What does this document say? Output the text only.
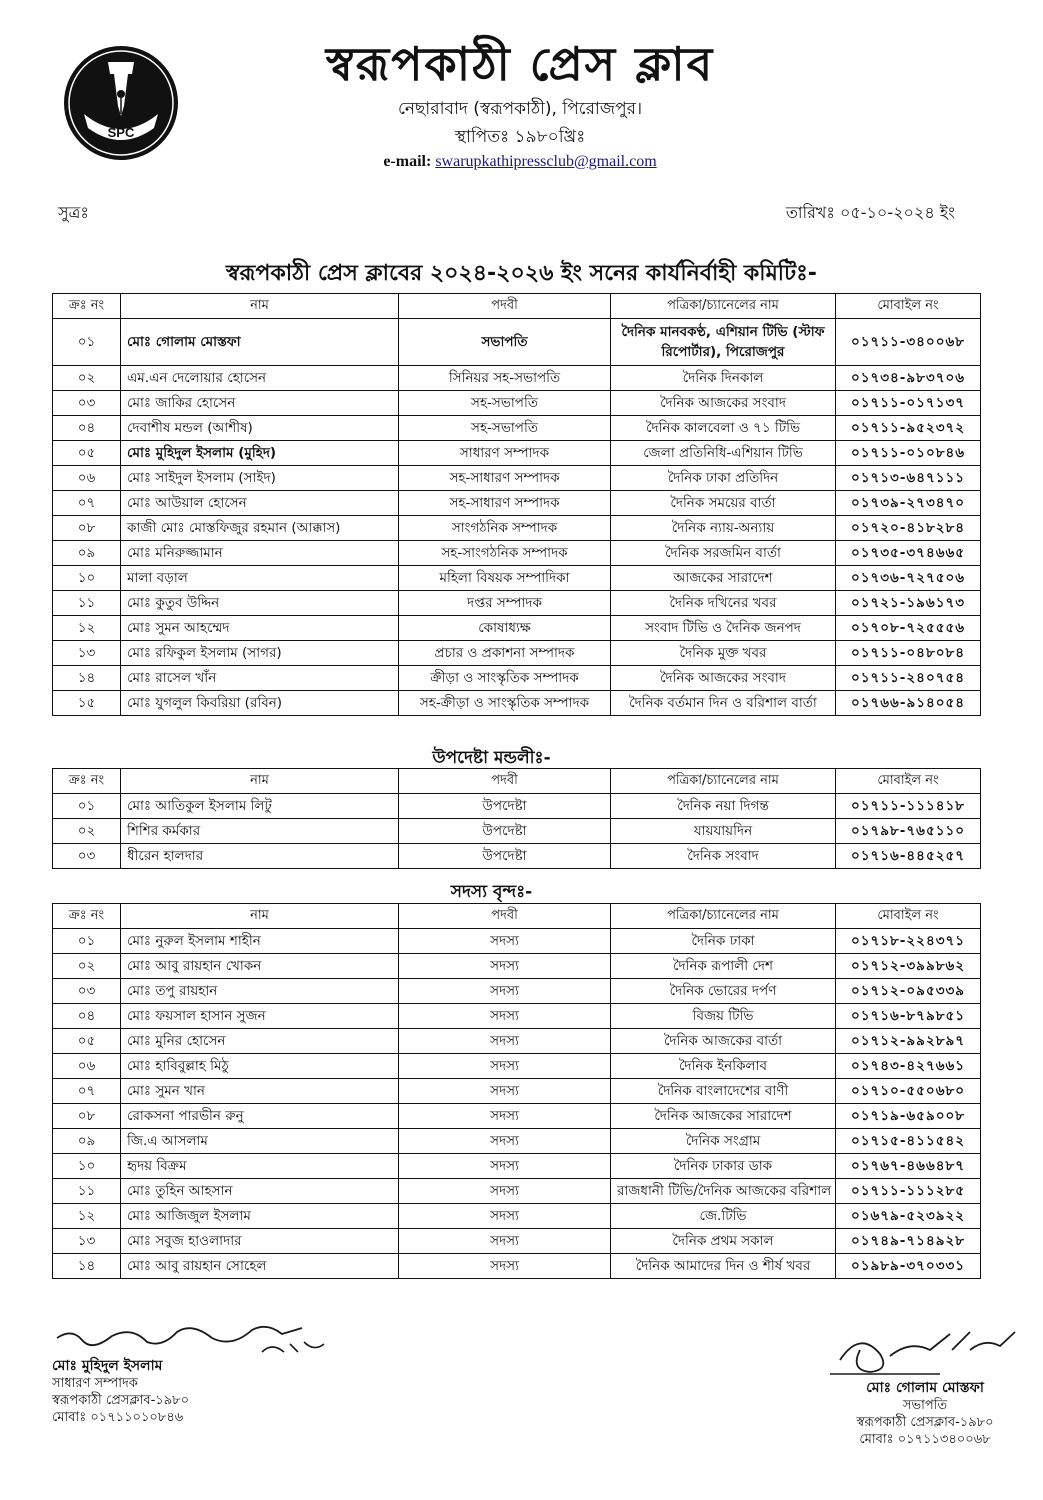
SPC
স্বরূপকাঠী প্রেস ক্লাব
নেছারাবাদ (স্বরূপকাঠী), পিরোজপুর।
স্থাপিতঃ ১৯৮০খ্রিঃ
e-mail: swarupkathipressclub@gmail.com
সুত্রঃ	তারিখঃ ০৫-১০-২০২৪ ইং
স্বরূপকাঠী প্রেস ক্লাবের ২০২৪-২০২৬ ইং সনের কার্যনির্বাহী কমিটিঃ-
ক্রঃ নং	নাম	পদবী	পত্রিকা/চ্যানেলের নাম	মোবাইল নং
০১	মোঃ গোলাম মোস্তফা	সভাপতি	দৈনিক মানবকণ্ঠ, এশিয়ান টিভি (স্টাফ রিপোর্টার), পিরোজপুর	০১৭১১-৩৪০০৬৮
০২	এম.এন দেলোয়ার হোসেন	সিনিয়র সহ-সভাপতি	দৈনিক দিনকাল	০১৭৩৪-৯৮৩৭০৬
০৩	মোঃ জাকির হোসেন	সহ-সভাপতি	দৈনিক আজকের সংবাদ	০১৭১১-০১৭১৩৭
০৪	দেবাশীষ মন্ডল (আশীষ)	সহ-সভাপতি	দৈনিক কালবেলা ও ৭১ টিভি	০১৭১১-৯৫২৩৭২
০৫	মোঃ মুহিদুল ইসলাম (মুহিদ)	সাধারণ সম্পাদক	জেলা প্রতিনিধি-এশিয়ান টিভি	০১৭১১-০১০৮৪৬
০৬	মোঃ সাইদুল ইসলাম (সাইদ)	সহ-সাধারণ সম্পাদক	দৈনিক ঢাকা প্রতিদিন	০১৭১৩-৬৪৭১১১
০৭	মোঃ আউয়াল হোসেন	সহ-সাধারণ সম্পাদক	দৈনিক সময়ের বার্তা	০১৭৩৯-২৭৩৪৭০
০৮	কাজী মোঃ মোস্তফিজুর রহমান (আক্কাস)	সাংগঠনিক সম্পাদক	দৈনিক ন্যায়-অন্যায়	০১৭২০-৪১৮২৮৪
০৯	মোঃ মনিরুজ্জামান	সহ-সাংগঠনিক সম্পাদক	দৈনিক সরজমিন বার্তা	০১৭৩৫-৩৭৪৬৬৫
১০	মালা বড়াল	মহিলা বিষয়ক সম্পাদিকা	আজকের সারাদেশ	০১৭৩৬-৭২৭৫০৬
১১	মোঃ কুতুব উদ্দিন	দপ্তর সম্পাদক	দৈনিক দখিনের খবর	০১৭২১-১৯৬১৭৩
১২	মোঃ সুমন আহম্মেদ	কোষাধ্যক্ষ	সংবাদ টিভি ও দৈনিক জনপদ	০১৭০৮-৭২৫৫৫৬
১৩	মোঃ রফিকুল ইসলাম (সাগর)	প্রচার ও প্রকাশনা সম্পাদক	দৈনিক মুক্ত খবর	০১৭১১-০৪৮০৮৪
১৪	মোঃ রাসেল খাঁন	ক্রীড়া ও সাংস্কৃতিক সম্পাদক	দৈনিক আজকের সংবাদ	০১৭১১-২৪০৭৫৪
১৫	মোঃ যুগলুল কিবরিয়া (রবিন)	সহ-ক্রীড়া ও সাংস্কৃতিক সম্পাদক	দৈনিক বর্তমান দিন ও বরিশাল বার্তা	০১৭৬৬-৯১৪০৫৪
উপদেষ্টা মন্ডলীঃ-
ক্রঃ নং	নাম	পদবী	পত্রিকা/চ্যানেলের নাম	মোবাইল নং
০১	মোঃ আতিকুল ইসলাম লিটু	উপদেষ্টা	দৈনিক নয়া দিগন্ত	০১৭১১-১১১৪১৮
০২	শিশির কর্মকার	উপদেষ্টা	যায়যায়দিন	০১৭৯৮-৭৬৫১১০
০৩	ধীরেন হালদার	উপদেষ্টা	দৈনিক সংবাদ	০১৭১৬-৪৪৫২৫৭
সদস্য বৃন্দঃ-
ক্রঃ নং	নাম	পদবী	পত্রিকা/চ্যানেলের নাম	মোবাইল নং
০১	মোঃ নুরুল ইসলাম শাহীন	সদস্য	দৈনিক ঢাকা	০১৭১৮-২২৪৩৭১
০২	মোঃ আবু রায়হান খোকন	সদস্য	দৈনিক রূপালী দেশ	০১৭১২-৩৯৯৮৬২
০৩	মোঃ তপু রায়হান	সদস্য	দৈনিক ভোরের দর্পণ	০১৭১২-০৯৫৩৩৯
০৪	মোঃ ফয়সাল হাসান সুজন	সদস্য	বিজয় টিভি	০১৭১৬-৮৭৯৮৫১
০৫	মোঃ মুনির হোসেন	সদস্য	দৈনিক আজকের বার্তা	০১৭১২-৯৯২৮৯৭
০৬	মোঃ হাবিবুল্লাহ মিঠু	সদস্য	দৈনিক ইনকিলাব	০১৭৪৩-৪২৭৬৬১
০৭	মোঃ সুমন খান	সদস্য	দৈনিক বাংলাদেশের বাণী	০১৭১০-৫৫০৬৮০
০৮	রোকসনা পারভীন রুনু	সদস্য	দৈনিক আজকের সারাদেশ	০১৭১৯-৬৫৯০০৮
০৯	জি.এ আসলাম	সদস্য	দৈনিক সংগ্রাম	০১৭১৫-৪১১৫৪২
১০	হৃদয় বিক্রম	সদস্য	দৈনিক ঢাকার ডাক	০১৭৬৭-৪৬৬৪৮৭
১১	মোঃ তুহিন আহসান	সদস্য	রাজধানী টিভি/দৈনিক আজকের বরিশাল	০১৭১১-১১১২৮৫
১২	মোঃ আজিজুল ইসলাম	সদস্য	জে.টিভি	০১৬৭৯-৫২৩৯২২
১৩	মোঃ সবুজ হাওলাদার	সদস্য	দৈনিক প্রথম সকাল	০১৭৪৯-৭১৪৯২৮
১৪	মোঃ আবু রায়হান সোহেল	সদস্য	দৈনিক আমাদের দিন ও শীর্ষ খবর	০১৯৮৯-৩৭০৩৩১
মোঃ মুহিদুল ইসলাম
সাধারণ সম্পাদক
স্বরূপকাঠী প্রেসক্লাব-১৯৮০
মোবাঃ ০১৭১১০১০৮৪৬
মোঃ গোলাম মোস্তফা
সভাপতি
স্বরূপকাঠী প্রেসক্লাব-১৯৮০
মোবাঃ ০১৭১১৩৪০০৬৮
